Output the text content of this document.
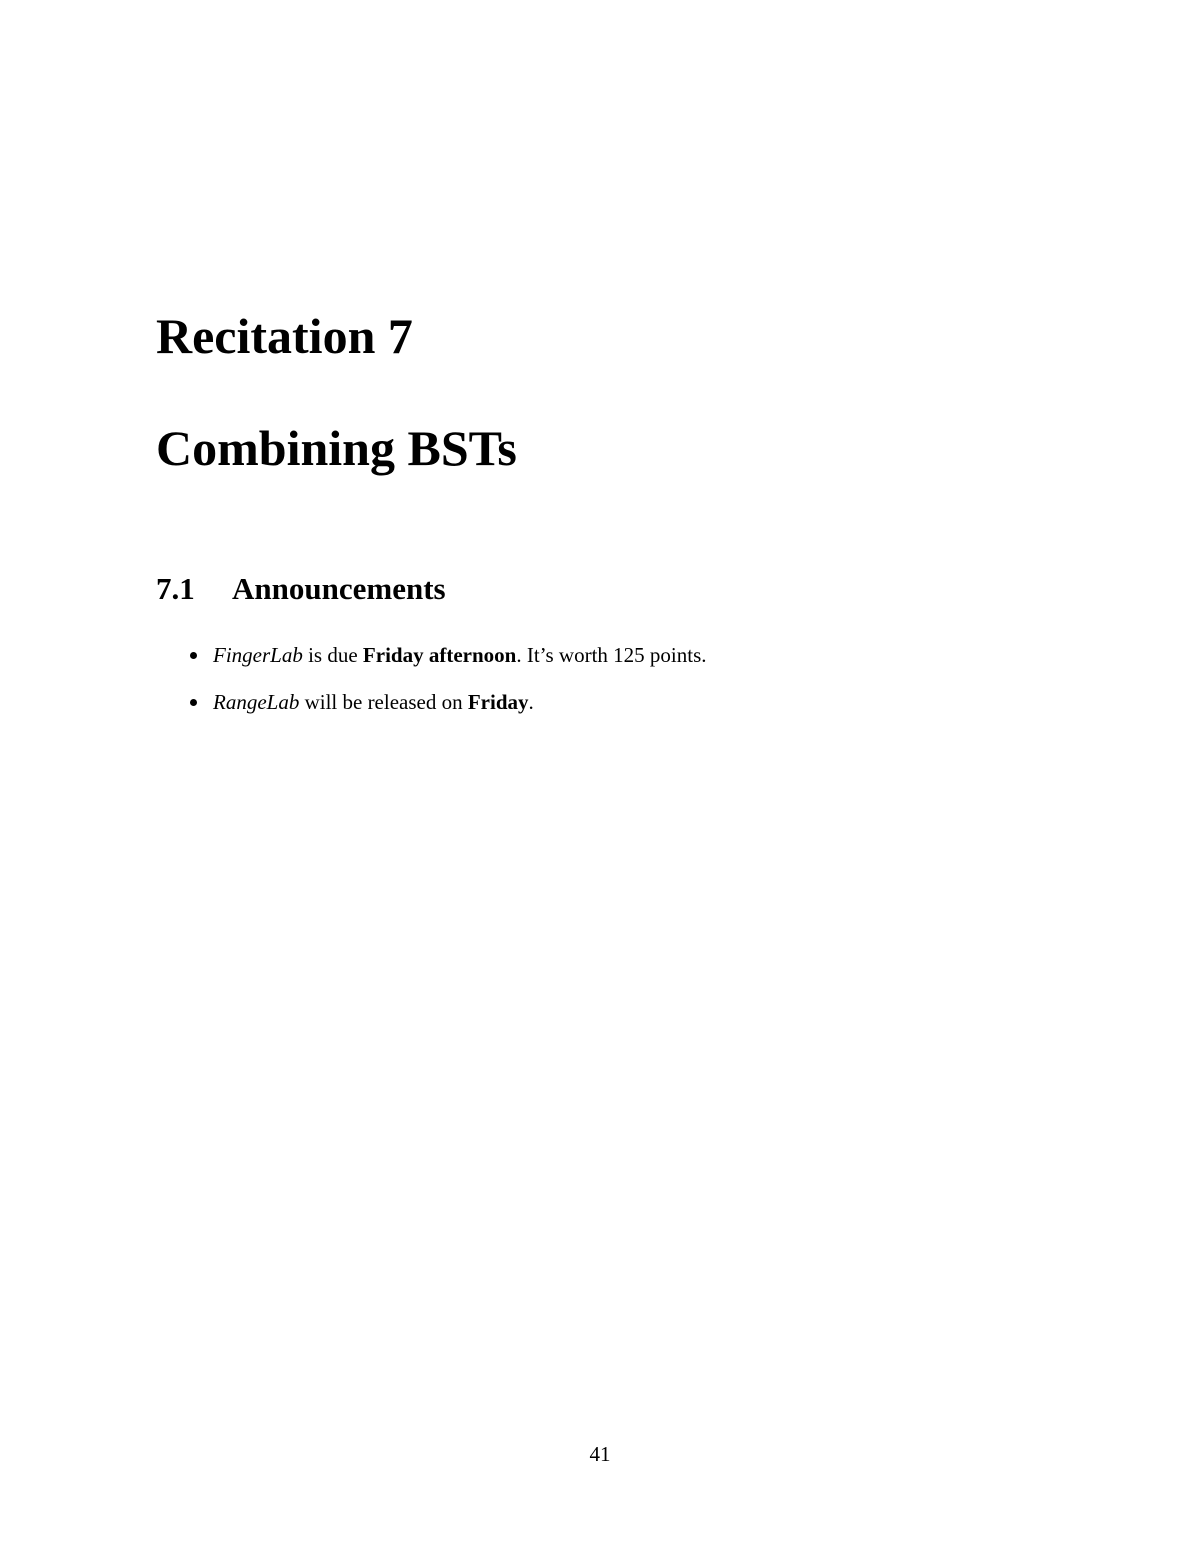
Recitation 7
Combining BSTs
7.1 Announcements
FingerLab is due Friday afternoon. It’s worth 125 points.
RangeLab will be released on Friday.
41
